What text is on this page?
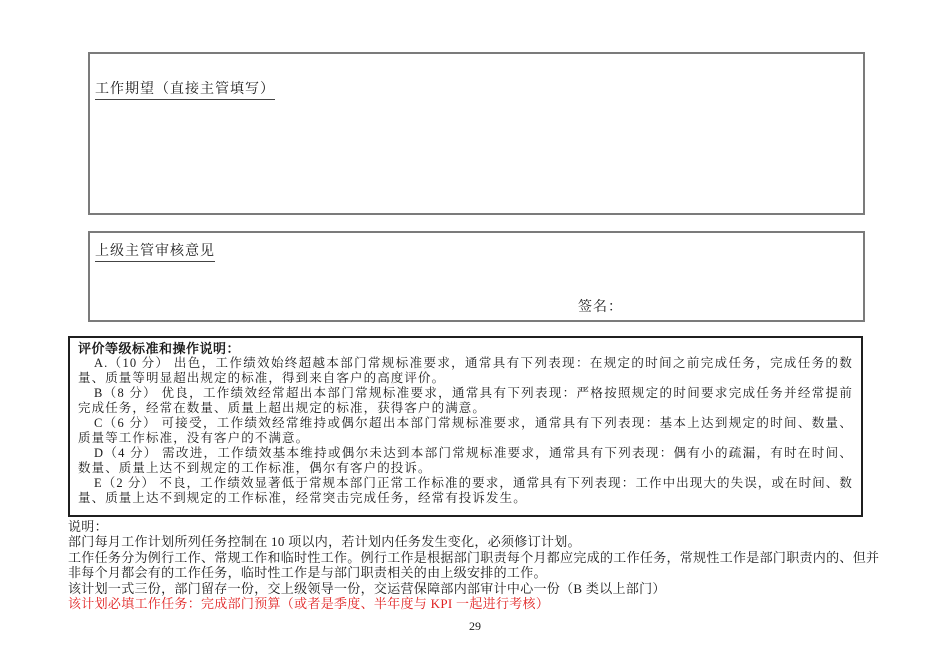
工作期望（直接主管填写）
上级主管审核意见
签名：
评价等级标准和操作说明：

A.（10 分） 出色，工作绩效始终超越本部门常规标准要求，通常具有下列表现：在规定的时间之前完成任务，完成任务的数量、质量等明显超出规定的标准，得到来自客户的高度评价。

B（8 分） 优良，工作绩效经常超出本部门常规标准要求，通常具有下列表现：严格按照规定的时间要求完成任务并经常提前完成任务，经常在数量、质量上超出规定的标准，获得客户的满意。

C（6 分） 可接受，工作绩效经常维持或偶尔超出本部门常规标准要求，通常具有下列表现：基本上达到规定的时间、数量、质量等工作标准，没有客户的不满意。

D（4 分） 需改进，工作绩效基本维持或偶尔未达到本部门常规标准要求，通常具有下列表现：偶有小的疏漏，有时在时间、数量、质量上达不到规定的工作标准，偶尔有客户的投诉。

E（2 分） 不良，工作绩效显著低于常规本部门正常工作标准的要求，通常具有下列表现：工作中出现大的失误，或在时间、数量、质量上达不到规定的工作标准，经常突击完成任务，经常有投诉发生。

说明：

部门每月工作计划所列任务控制在 10 项以内，若计划内任务发生变化，必须修订计划。

工作任务分为例行工作、常规工作和临时性工作。例行工作是根据部门职责每个月都应完成的工作任务，常规性工作是部门职责内的、但并非每个月都会有的工作任务，临时性工作是与部门职责相关的由上级安排的工作。

该计划一式三份，部门留存一份，交上级领导一份，交运营保障部内部审计中心一份（B 类以上部门）

该计划必填工作任务：完成部门预算（或者是季度、半年度与 KPI 一起进行考核）

29
